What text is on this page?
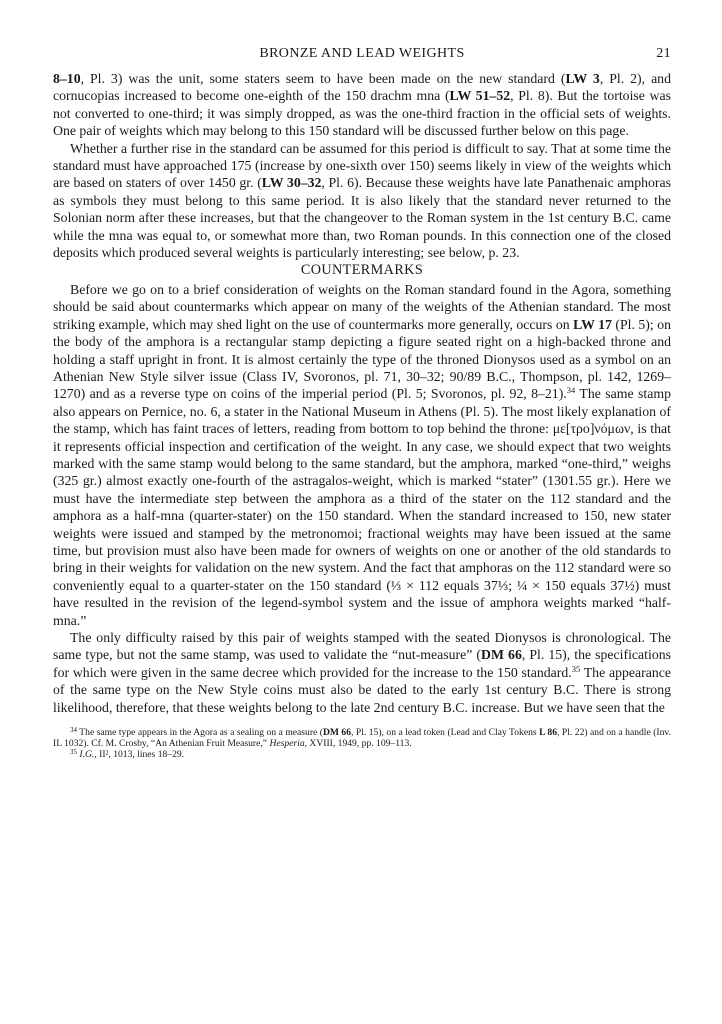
BRONZE AND LEAD WEIGHTS	21

8–10, Pl. 3) was the unit, some staters seem to have been made on the new standard (LW 3, Pl. 2), and cornucopias increased to become one-eighth of the 150 drachm mna (LW 51–52, Pl. 8). But the tortoise was not converted to one-third; it was simply dropped, as was the one-third fraction in the official sets of weights. One pair of weights which may belong to this 150 standard will be discussed further below on this page.

Whether a further rise in the standard can be assumed for this period is difficult to say. That at some time the standard must have approached 175 (increase by one-sixth over 150) seems likely in view of the weights which are based on staters of over 1450 gr. (LW 30–32, Pl. 6). Because these weights have late Panathenaic amphoras as symbols they must belong to this same period. It is also likely that the standard never returned to the Solonian norm after these increases, but that the changeover to the Roman system in the 1st century B.C. came while the mna was equal to, or somewhat more than, two Roman pounds. In this connection one of the closed deposits which produced several weights is particularly interesting; see below, p. 23.

COUNTERMARKS

Before we go on to a brief consideration of weights on the Roman standard found in the Agora, something should be said about countermarks which appear on many of the weights of the Athenian standard. The most striking example, which may shed light on the use of countermarks more generally, occurs on LW 17 (Pl. 5); on the body of the amphora is a rectangular stamp depicting a figure seated right on a high-backed throne and holding a staff upright in front. It is almost certainly the type of the throned Dionysos used as a symbol on an Athenian New Style silver issue (Class IV, Svoronos, pl. 71, 30–32; 90/89 B.C., Thompson, pl. 142, 1269–1270) and as a reverse type on coins of the imperial period (Pl. 5; Svoronos, pl. 92, 8–21).$^{34}$ The same stamp also appears on Pernice, no. 6, a stater in the National Museum in Athens (Pl. 5). The most likely explanation of the stamp, which has faint traces of letters, reading from bottom to top behind the throne: με[τρο]νόμων, is that it represents official inspection and certification of the weight. In any case, we should expect that two weights marked with the same stamp would belong to the same standard, but the amphora, marked “one-third,” weighs (325 gr.) almost exactly one-fourth of the astragalos-weight, which is marked “stater” (1301.55 gr.). Here we must have the intermediate step between the amphora as a third of the stater on the 112 standard and the amphora as a half-mna (quarter-stater) on the 150 standard. When the standard increased to 150, new stater weights were issued and stamped by the metronomoi; fractional weights may have been issued at the same time, but provision must also have been made for owners of weights on one or another of the old standards to bring in their weights for validation on the new system. And the fact that amphoras on the 112 standard were so conveniently equal to a quarter-stater on the 150 standard (⅓ × 112 equals 37⅓; ¼ × 150 equals 37½) must have resulted in the revision of the legend-symbol system and the issue of amphora weights marked “half-mna.”

The only difficulty raised by this pair of weights stamped with the seated Dionysos is chronological. The same type, but not the same stamp, was used to validate the “nut-measure” (DM 66, Pl. 15), the specifications for which were given in the same decree which provided for the increase to the 150 standard.$^{35}$ The appearance of the same type on the New Style coins must also be dated to the early 1st century B.C. There is strong likelihood, therefore, that these weights belong to the late 2nd century B.C. increase. But we have seen that the

$^{34}$ The same type appears in the Agora as a sealing on a measure (DM 66, Pl. 15), on a lead token (Lead and Clay Tokens L 86, Pl. 22) and on a handle (Inv. IL 1032). Cf. M. Crosby, “An Athenian Fruit Measure,” Hesperia, XVIII, 1949, pp. 109–113.

$^{35}$ I.G., II², 1013, lines 18–29.
